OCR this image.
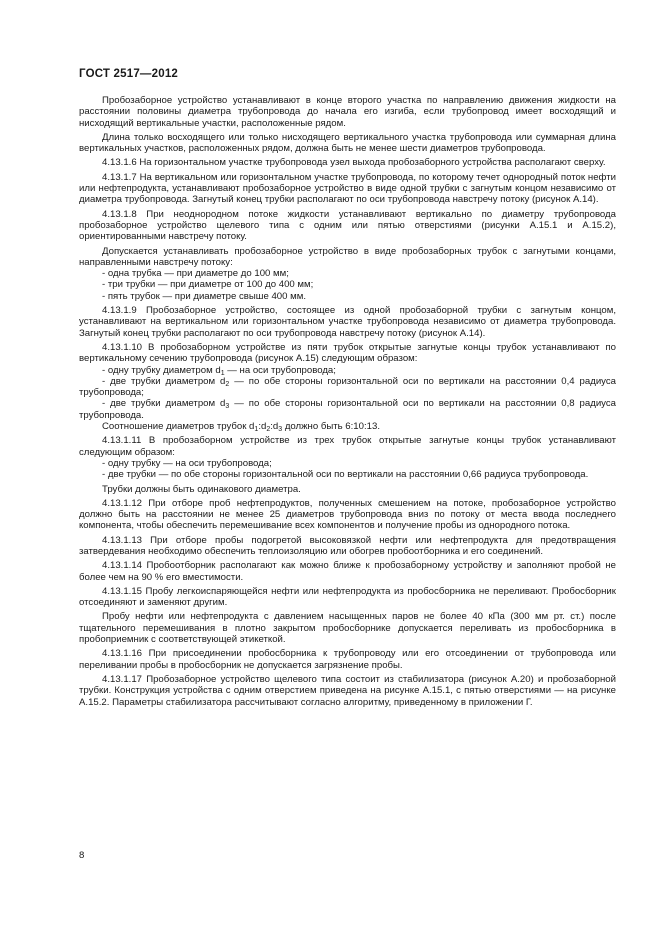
ГОСТ 2517—2012

Пробозаборное устройство устанавливают в конце второго участка по направлению движения жидкости на расстоянии половины диаметра трубопровода до начала его изгиба, если трубопровод имеет восходящий и нисходящий вертикальные участки, расположенные рядом.

Длина только восходящего или только нисходящего вертикального участка трубопровода или суммарная длина вертикальных участков, расположенных рядом, должна быть не менее шести диаметров трубопровода.

4.13.1.6 На горизонтальном участке трубопровода узел выхода пробозаборного устройства располагают сверху.

4.13.1.7 На вертикальном или горизонтальном участке трубопровода, по которому течет однородный поток нефти или нефтепродукта, устанавливают пробозаборное устройство в виде одной трубки с загнутым концом независимо от диаметра трубопровода. Загнутый конец трубки располагают по оси трубопровода навстречу потоку (рисунок А.14).

4.13.1.8 При неоднородном потоке жидкости устанавливают вертикально по диаметру трубопровода пробозаборное устройство щелевого типа с одним или пятью отверстиями (рисунки А.15.1 и А.15.2), ориентированными навстречу потоку.

Допускается устанавливать пробозаборное устройство в виде пробозаборных трубок с загнутыми концами, направленными навстречу потоку:

- одна трубка — при диаметре до 100 мм;

- три трубки — при диаметре от 100 до 400 мм;

- пять трубок — при диаметре свыше 400 мм.

4.13.1.9 Пробозаборное устройство, состоящее из одной пробозаборной трубки с загнутым концом, устанавливают на вертикальном или горизонтальном участке трубопровода независимо от диаметра трубопровода. Загнутый конец трубки располагают по оси трубопровода навстречу потоку (рисунок А.14).

4.13.1.10 В пробозаборном устройстве из пяти трубок открытые загнутые концы трубок устанавливают по вертикальному сечению трубопровода (рисунок А.15) следующим образом:

- одну трубку диаметром $d_1$ — на оси трубопровода;

- две трубки диаметром $d_2$ — по обе стороны горизонтальной оси по вертикали на расстоянии 0,4 радиуса трубопровода;

- две трубки диаметром $d_3$ — по обе стороны горизонтальной оси по вертикали на расстоянии 0,8 радиуса трубопровода.

Соотношение диаметров трубок $d_1:d_2:d_3$ должно быть 6:10:13.

4.13.1.11 В пробозаборном устройстве из трех трубок открытые загнутые концы трубок устанавливают следующим образом:

- одну трубку — на оси трубопровода;

- две трубки — по обе стороны горизонтальной оси по вертикали на расстоянии 0,66 радиуса трубопровода.

Трубки должны быть одинакового диаметра.

4.13.1.12 При отборе проб нефтепродуктов, полученных смешением на потоке, пробозаборное устройство должно быть на расстоянии не менее 25 диаметров трубопровода вниз по потоку от места ввода последнего компонента, чтобы обеспечить перемешивание всех компонентов и получение пробы из однородного потока.

4.13.1.13 При отборе пробы подогретой высоковязкой нефти или нефтепродукта для предотвращения затвердевания необходимо обеспечить теплоизоляцию или обогрев пробоотборника и его соединений.

4.13.1.14 Пробоотборник располагают как можно ближе к пробозаборному устройству и заполняют пробой не более чем на 90 % его вместимости.

4.13.1.15 Пробу легкоиспаряющейся нефти или нефтепродукта из пробосборника не переливают. Пробосборник отсоединяют и заменяют другим.

Пробу нефти или нефтепродукта с давлением насыщенных паров не более 40 кПа (300 мм рт. ст.) после тщательного перемешивания в плотно закрытом пробосборнике допускается переливать из пробосборника в пробоприемник с соответствующей этикеткой.

4.13.1.16 При присоединении пробосборника к трубопроводу или его отсоединении от трубопровода или переливании пробы в пробосборник не допускается загрязнение пробы.

4.13.1.17 Пробозаборное устройство щелевого типа состоит из стабилизатора (рисунок А.20) и пробозаборной трубки. Конструкция устройства с одним отверстием приведена на рисунке А.15.1, с пятью отверстиями — на рисунке А.15.2. Параметры стабилизатора рассчитывают согласно алгоритму, приведенному в приложении Г.

8
